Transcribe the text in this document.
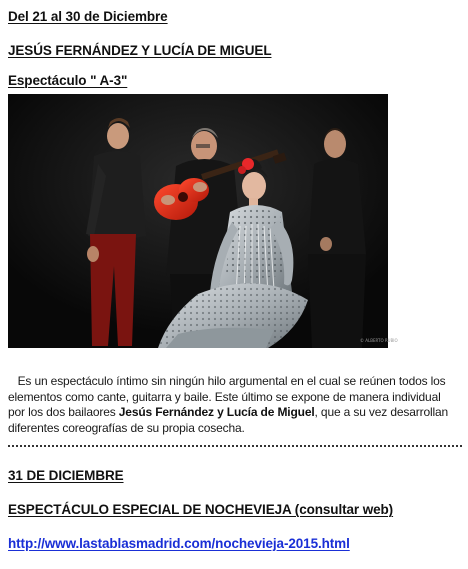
Del 21 al 30 de Diciembre
JESÚS FERNÁNDEZ Y LUCÍA DE MIGUEL
Espectáculo " A-3"
© ALBERTO RUBIO

Es un espectáculo íntimo sin ningún hilo argumental en el cual se reúnen todos los elementos como cante, guitarra y baile. Este último se expone de manera individual por los dos bailaores Jesús Fernández y Lucía de Miguel, que a su vez desarrollan diferentes coreografías de su propia cosecha.

31 DE DICIEMBRE
ESPECTÁCULO ESPECIAL DE NOCHEVIEJA (consultar web)
http://www.lastablasmadrid.com/nochevieja-2015.html
